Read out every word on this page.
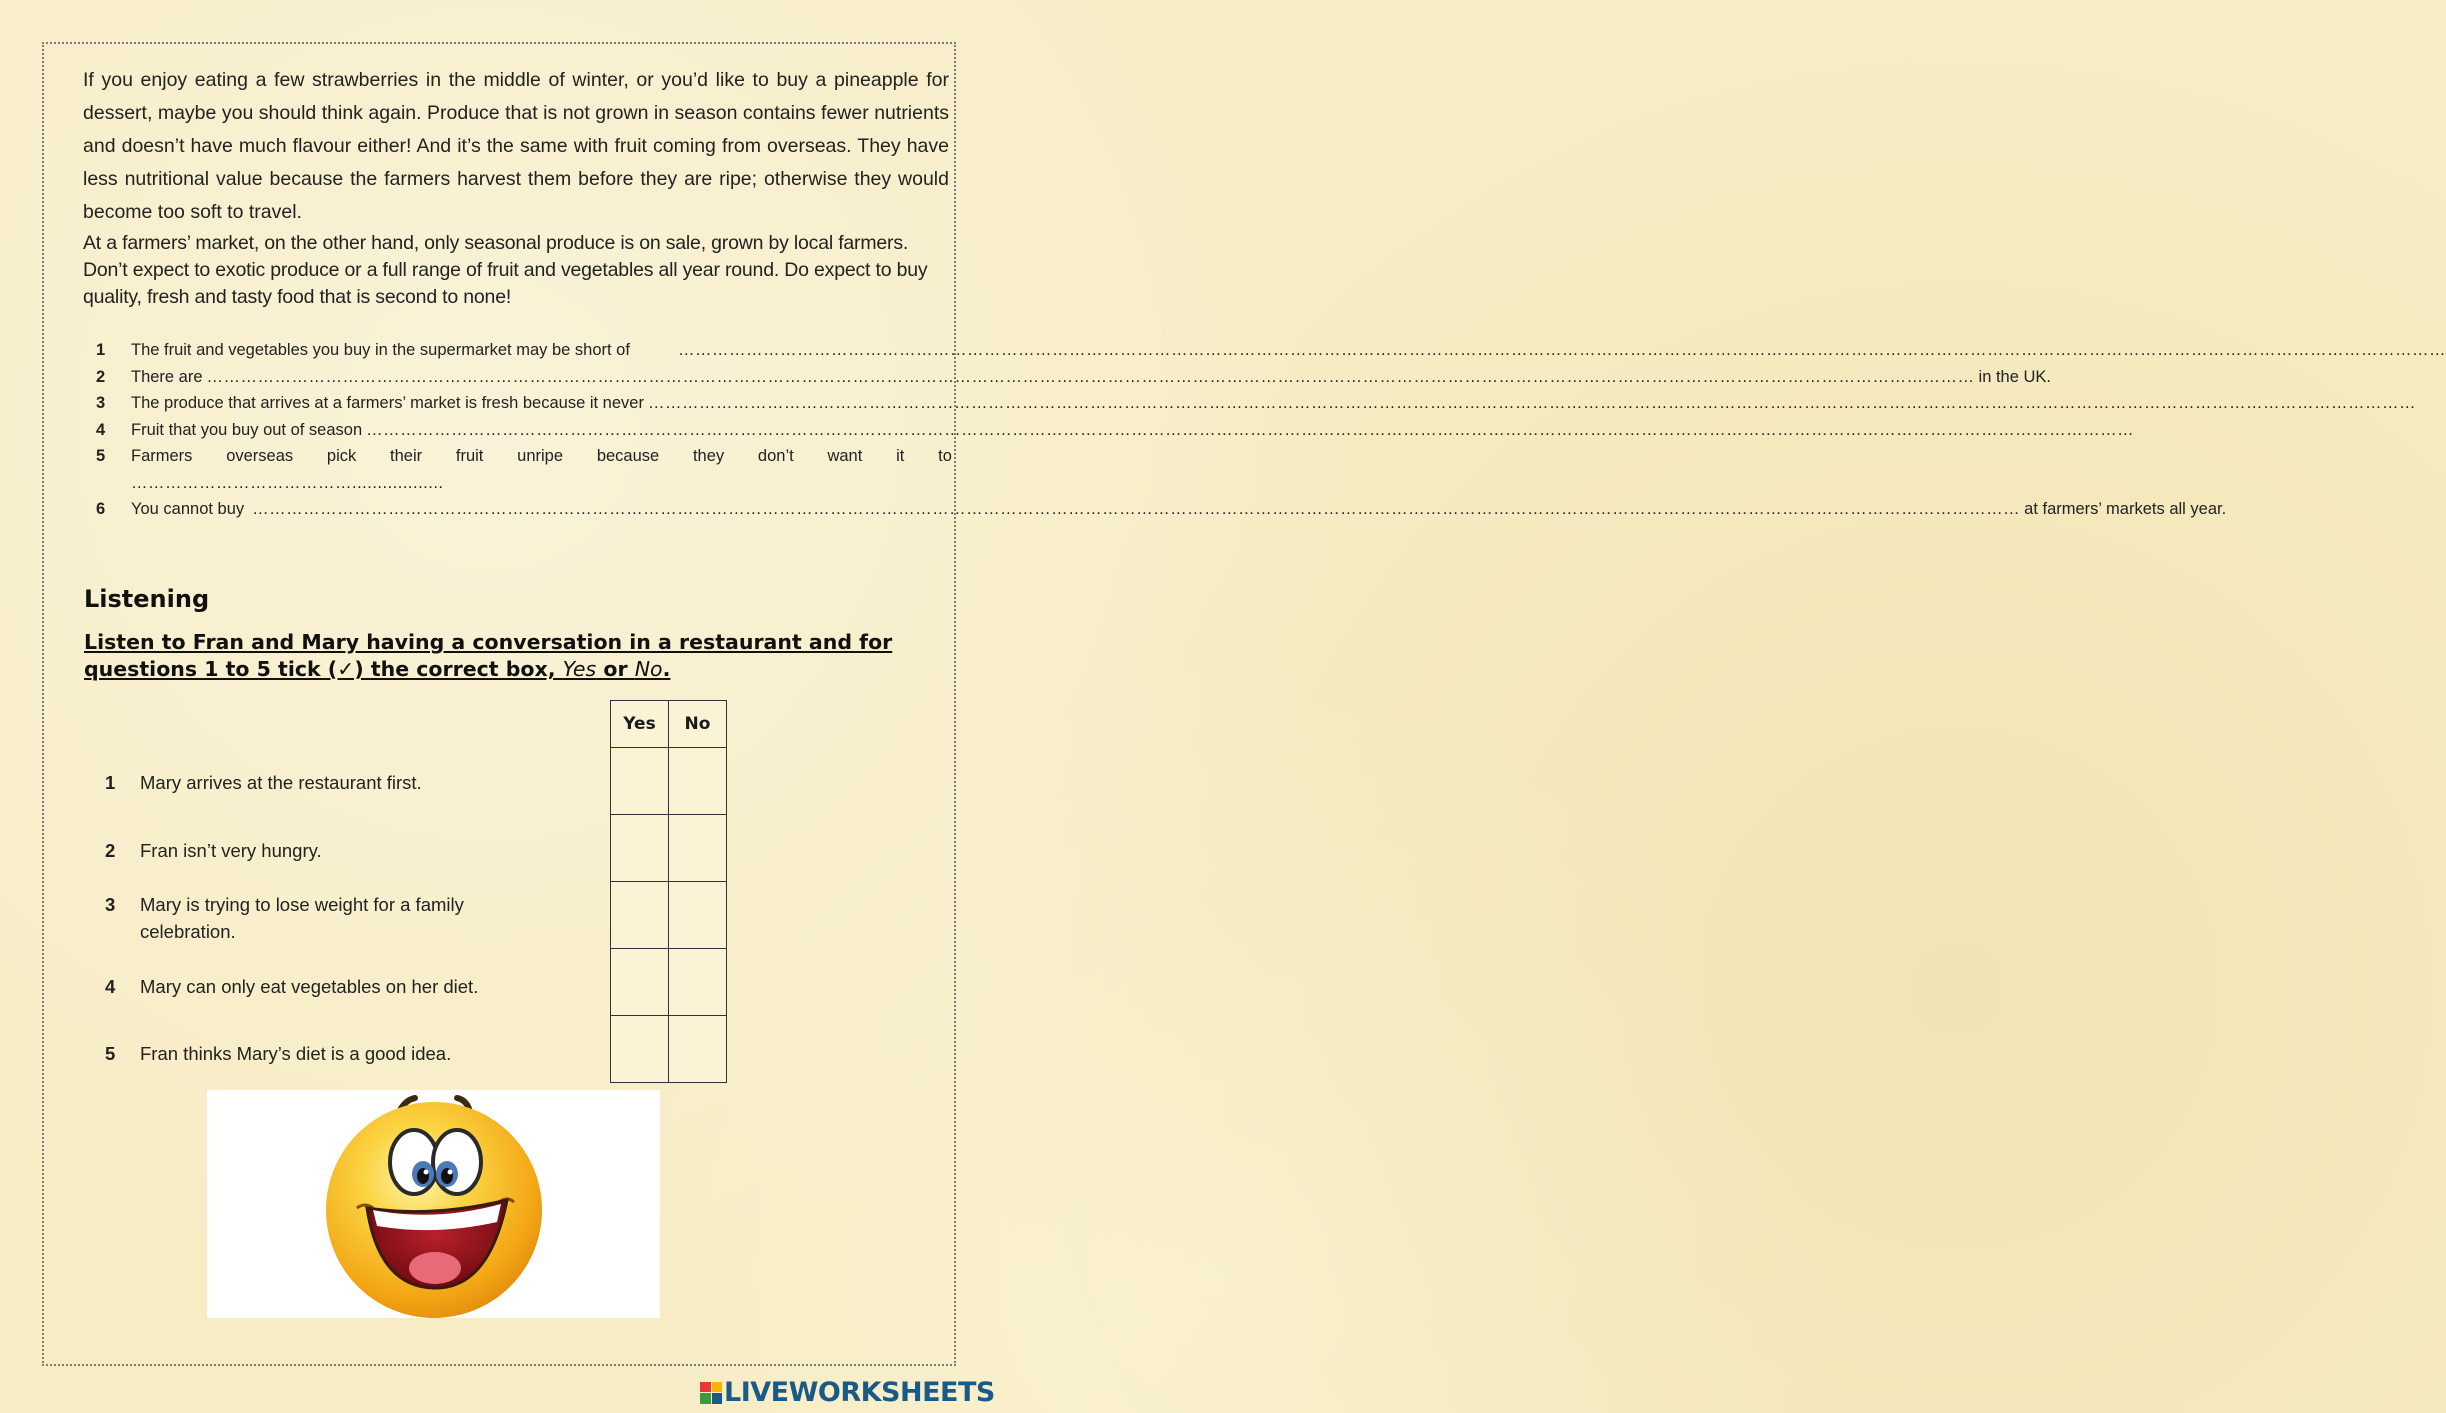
If you enjoy eating a few strawberries in the middle of winter, or you’d like to buy a pineapple for dessert, maybe you should think again. Produce that is not grown in season contains fewer nutrients and doesn’t have much flavour either! And it’s the same with fruit coming from overseas. They have less nutritional value because the farmers harvest them before they are ripe; otherwise they would become too soft to travel.
At a farmers’ market, on the other hand, only seasonal produce is on sale, grown by local farmers. Don’t expect to exotic produce or a full range of fruit and vegetables all year round. Do expect to buy quality, fresh and tasty food that is second to none!
1	The fruit and vegetables you buy in the supermarket may be short of	……………………………………………………………………………………………………………………………………………………………………………………………………………………………………………………………………………………
2	There are …………………………………………………………………………………………………………………………………………………………………………………………………………………………………………………………………………………… in the UK.
3	The produce that arrives at a farmers’ market is fresh because it never ……………………………………………………………………………………………………………………………………………………………………………………………………………………………………………………………………………………
4	Fruit that you buy out of season ……………………………………………………………………………………………………………………………………………………………………………………………………………………………………………………………………………………
5	Farmers overseas pick their fruit unripe because they don’t want it to
…………………………………..................
6	You cannot buy …………………………………………………………………………………………………………………………………………………………………………………………………………………………………………………………………………………… at farmers’ markets all year.
Listening
Listen to Fran and Mary having a conversation in a restaurant and for questions 1 to 5 tick (✓) the correct box, Yes or No.
1	Mary arrives at the restaurant first.
2	Fran isn’t very hungry.
3	Mary is trying to lose weight for a family celebration.
4	Mary can only eat vegetables on her diet.
5	Fran thinks Mary’s diet is a good idea.
Yes	No

LIVEWORKSHEETS
